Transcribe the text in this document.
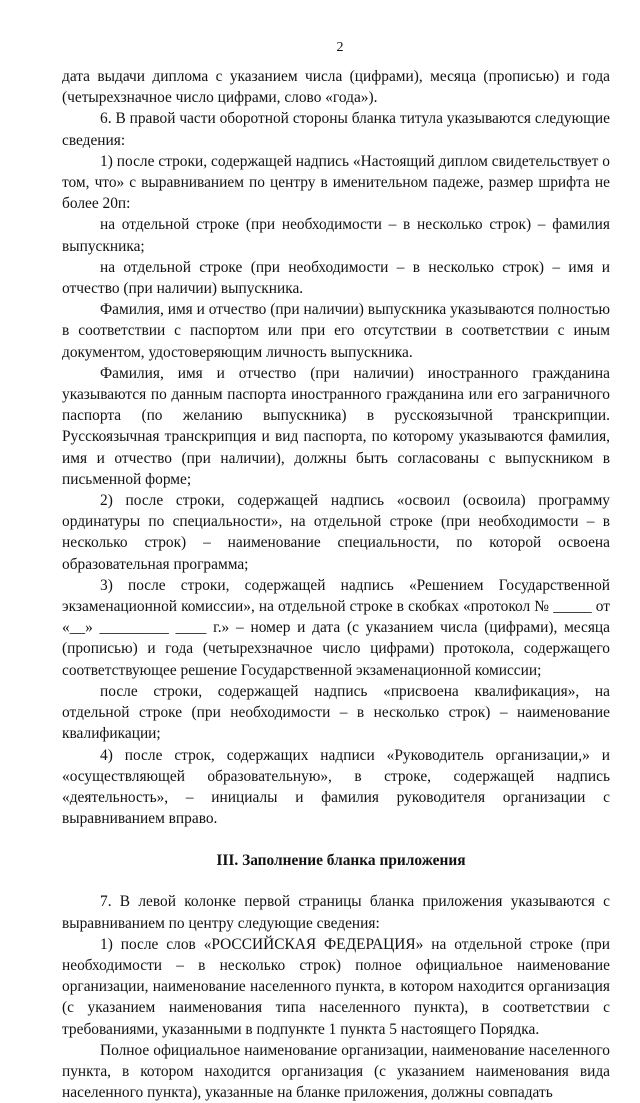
2

дата выдачи диплома с указанием числа (цифрами), месяца (прописью) и года (четырехзначное число цифрами, слово «года»).

6. В правой части оборотной стороны бланка титула указываются следующие сведения:

1) после строки, содержащей надпись «Настоящий диплом свидетельствует о том, что» с выравниванием по центру в именительном падеже, размер шрифта не более 20п:

на отдельной строке (при необходимости – в несколько строк) – фамилия выпускника;

на отдельной строке (при необходимости – в несколько строк) – имя и отчество (при наличии) выпускника.

Фамилия, имя и отчество (при наличии) выпускника указываются полностью в соответствии с паспортом или при его отсутствии в соответствии с иным документом, удостоверяющим личность выпускника.

Фамилия, имя и отчество (при наличии) иностранного гражданина указываются по данным паспорта иностранного гражданина или его заграничного паспорта (по желанию выпускника) в русскоязычной транскрипции. Русскоязычная транскрипция и вид паспорта, по которому указываются фамилия, имя и отчество (при наличии), должны быть согласованы с выпускником в письменной форме;

2) после строки, содержащей надпись «освоил (освоила) программу ординатуры по специальности», на отдельной строке (при необходимости – в несколько строк) – наименование специальности, по которой освоена образовательная программа;

3) после строки, содержащей надпись «Решением Государственной экзаменационной комиссии», на отдельной строке в скобках «протокол № _____ от «__» _________ ____ г.» – номер и дата (с указанием числа (цифрами), месяца (прописью) и года (четырехзначное число цифрами) протокола, содержащего соответствующее решение Государственной экзаменационной комиссии;

после строки, содержащей надпись «присвоена квалификация», на отдельной строке (при необходимости – в несколько строк) – наименование квалификации;

4) после строк, содержащих надписи «Руководитель организации,» и «осуществляющей образовательную», в строке, содержащей надпись «деятельность», – инициалы и фамилия руководителя организации с выравниванием вправо.

III. Заполнение бланка приложения

7. В левой колонке первой страницы бланка приложения указываются с выравниванием по центру следующие сведения:

1) после слов «РОССИЙСКАЯ ФЕДЕРАЦИЯ» на отдельной строке (при необходимости – в несколько строк) полное официальное наименование организации, наименование населенного пункта, в котором находится организация (с указанием наименования типа населенного пункта), в соответствии с требованиями, указанными в подпункте 1 пункта 5 настоящего Порядка.

Полное официальное наименование организации, наименование населенного пункта, в котором находится организация (с указанием наименования вида населенного пункта), указанные на бланке приложения, должны совпадать
